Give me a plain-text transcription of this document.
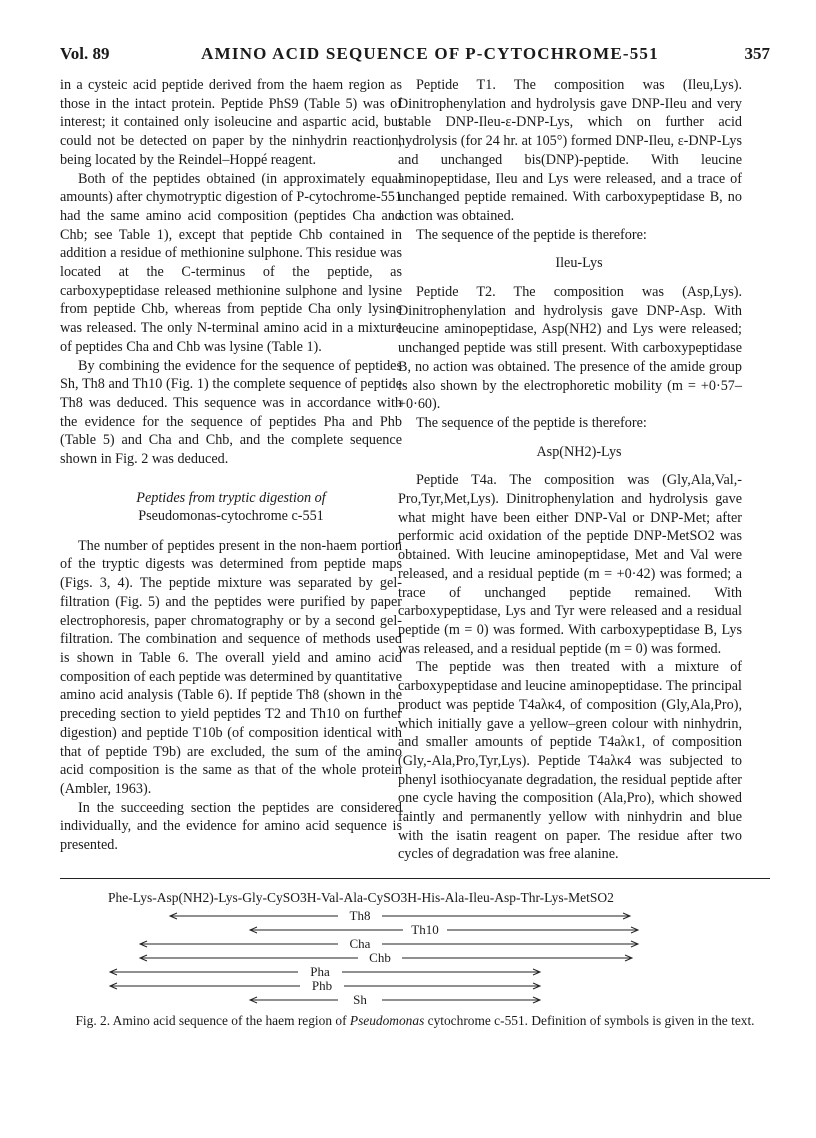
Vol. 89	AMINO ACID SEQUENCE OF P-CYTOCHROME-551	357

in a cysteic acid peptide derived from the haem region as those in the intact protein. Peptide PhS9 (Table 5) was of interest; it contained only isoleucine and aspartic acid, but could not be detected on paper by the ninhydrin reaction, being located by the Reindel–Hoppé reagent.

Both of the peptides obtained (in approximately equal amounts) after chymotryptic digestion of P-cytochrome-551 had the same amino acid composition (peptides Cha and Chb; see Table 1), except that peptide Chb contained in addition a residue of methionine sulphone. This residue was located at the C-terminus of the peptide, as carboxypeptidase released methionine sulphone and lysine from peptide Chb, whereas from peptide Cha only lysine was released. The only N-terminal amino acid in a mixture of peptides Cha and Chb was lysine (Table 1).

By combining the evidence for the sequence of peptides Sh, Th8 and Th10 (Fig. 1) the complete sequence of peptide Th8 was deduced. This sequence was in accordance with the evidence for the sequence of peptides Pha and Phb (Table 5) and Cha and Chb, and the complete sequence shown in Fig. 2 was deduced.

Peptides from tryptic digestion of
Pseudomonas-cytochrome c-551

The number of peptides present in the non-haem portion of the tryptic digests was determined from peptide maps (Figs. 3, 4). The peptide mixture was separated by gel-filtration (Fig. 5) and the peptides were purified by paper electrophoresis, paper chromatography or by a second gel-filtration. The combination and sequence of methods used is shown in Table 6. The overall yield and amino acid composition of each peptide was determined by quantitative amino acid analysis (Table 6). If peptide Th8 (shown in the preceding section to yield peptides T2 and Th10 on further digestion) and peptide T10b (of composition identical with that of peptide T9b) are excluded, the sum of the amino acid composition is the same as that of the whole protein (Ambler, 1963).

In the succeeding section the peptides are considered individually, and the evidence for amino acid sequence is presented.

Peptide T1. The composition was (Ileu,Lys). Dinitrophenylation and hydrolysis gave DNP-Ileu and very stable DNP-Ileu-ε-DNP-Lys, which on further acid hydrolysis (for 24 hr. at 105°) formed DNP-Ileu, ε-DNP-Lys and unchanged bis(DNP)-peptide. With leucine aminopeptidase, Ileu and Lys were released, and a trace of unchanged peptide remained. With carboxypeptidase B, no action was obtained.

The sequence of the peptide is therefore:

Ileu-Lys

Peptide T2. The composition was (Asp,Lys). Dinitrophenylation and hydrolysis gave DNP-Asp. With leucine aminopeptidase, Asp(NH2) and Lys were released; unchanged peptide was still present. With carboxypeptidase B, no action was obtained. The presence of the amide group is also shown by the electrophoretic mobility (m = +0·57–+0·60).

The sequence of the peptide is therefore:

Asp(NH2)-Lys

Peptide T4a. The composition was (Gly,Ala,Val,-Pro,Tyr,Met,Lys). Dinitrophenylation and hydrolysis gave what might have been either DNP-Val or DNP-Met; after performic acid oxidation of the peptide DNP-MetSO2 was obtained. With leucine aminopeptidase, Met and Val were released, and a residual peptide (m = +0·42) was formed; a trace of unchanged peptide remained. With carboxypeptidase, Lys and Tyr were released and a residual peptide (m = 0) was formed. With carboxypeptidase B, Lys was released, and a residual peptide (m = 0) was formed.

The peptide was then treated with a mixture of carboxypeptidase and leucine aminopeptidase. The principal product was peptide T4aλκ4, of composition (Gly,Ala,Pro), which initially gave a yellow–green colour with ninhydrin, and smaller amounts of peptide T4aλκ1, of composition (Gly,-Ala,Pro,Tyr,Lys). Peptide T4aλκ4 was subjected to phenyl isothiocyanate degradation, the residual peptide after one cycle having the composition (Ala,Pro), which showed faintly and permanently yellow with ninhydrin and blue with the isatin reagent on paper. The residue after two cycles of degradation was free alanine.

Phe-Lys-Asp(NH2)-Lys-Gly-CySO3H-Val-Ala-CySO3H-His-Ala-Ileu-Asp-Thr-Lys-MetSO2
Th8
Th10
Cha
Chb
Pha
Phb
Sh
Fig. 2. Amino acid sequence of the haem region of Pseudomonas cytochrome c-551. Definition of symbols is given in the text.
